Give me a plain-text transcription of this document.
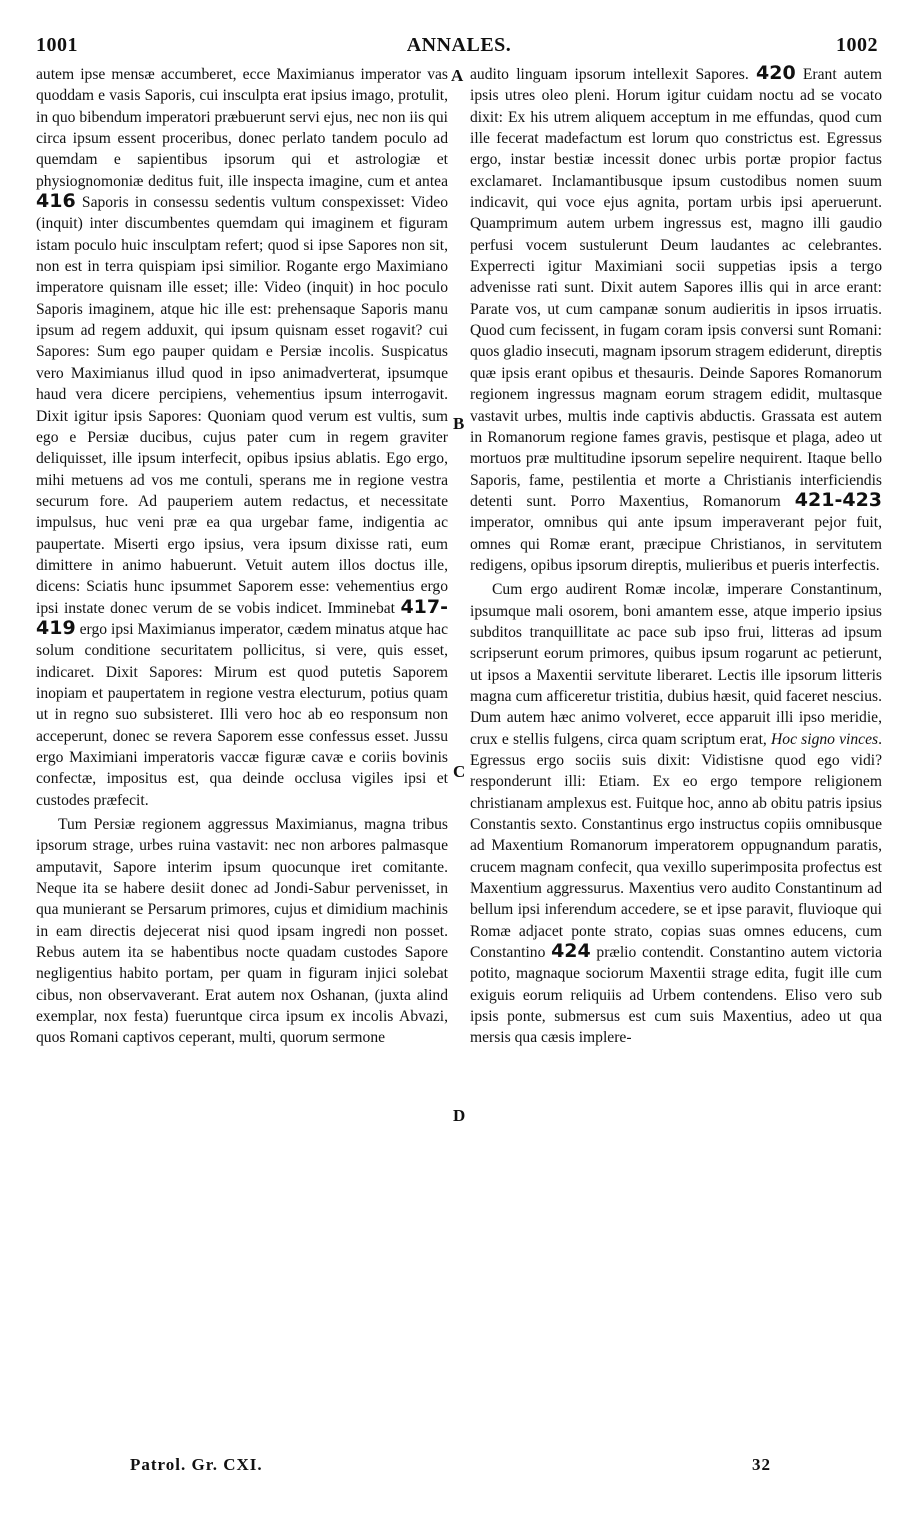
1001	ANNALES.	1002
A
B
C
D

autem ipse mensæ accumberet, ecce Maximianus imperator vas quoddam e vasis Saporis, cui insculpta erat ipsius imago, protulit, in quo bibendum imperatori præbuerunt servi ejus, nec non iis qui circa ipsum essent proceribus, donec perlato tandem poculo ad quemdam e sapientibus ipsorum qui et astrologiæ et physiognomoniæ deditus fuit, ille inspecta imagine, cum et antea 416 Saporis in consessu sedentis vultum conspexisset: Video (inquit) inter discumbentes quemdam qui imaginem et figuram istam poculo huic insculptam refert; quod si ipse Sapores non sit, non est in terra quispiam ipsi similior. Rogante ergo Maximiano imperatore quisnam ille esset; ille: Video (inquit) in hoc poculo Saporis imaginem, atque hic ille est: prehensaque Saporis manu ipsum ad regem adduxit, qui ipsum quisnam esset rogavit? cui Sapores: Sum ego pauper quidam e Persiæ incolis. Suspicatus vero Maximianus illud quod in ipso animadverterat, ipsumque haud vera dicere percipiens, vehementius ipsum interrogavit. Dixit igitur ipsis Sapores: Quoniam quod verum est vultis, sum ego e Persiæ ducibus, cujus pater cum in regem graviter deliquisset, ille ipsum interfecit, opibus ipsius ablatis. Ego ergo, mihi metuens ad vos me contuli, sperans me in regione vestra securum fore. Ad pauperiem autem redactus, et necessitate impulsus, huc veni præ ea qua urgebar fame, indigentia ac paupertate. Miserti ergo ipsius, vera ipsum dixisse rati, eum dimittere in animo habuerunt. Vetuit autem illos doctus ille, dicens: Sciatis hunc ipsummet Saporem esse: vehementius ergo ipsi instate donec verum de se vobis indicet. Imminebat 417-419 ergo ipsi Maximianus imperator, cædem minatus atque hac solum conditione securitatem pollicitus, si vere, quis esset, indicaret. Dixit Sapores: Mirum est quod putetis Saporem inopiam et paupertatem in regione vestra electurum, potius quam ut in regno suo subsisteret. Illi vero hoc ab eo responsum non acceperunt, donec se revera Saporem esse confessus esset. Jussu ergo Maximiani imperatoris vaccæ figuræ cavæ e coriis bovinis confectæ, impositus est, qua deinde occlusa vigiles ipsi et custodes præfecit.

Tum Persiæ regionem aggressus Maximianus, magna tribus ipsorum strage, urbes ruina vastavit: nec non arbores palmasque amputavit, Sapore interim ipsum quocunque iret comitante. Neque ita se habere desiit donec ad Jondi-Sabur pervenisset, in qua munierant se Persarum primores, cujus et dimidium machinis in eam directis dejecerat nisi quod ipsam ingredi non posset. Rebus autem ita se habentibus nocte quadam custodes Sapore negligentius habito portam, per quam in figuram injici solebat cibus, non observaverant. Erat autem nox Oshanan, (juxta alind exemplar, nox festa) fueruntque circa ipsum ex incolis Abvazi, quos Romani captivos ceperant, multi, quorum sermone

audito linguam ipsorum intellexit Sapores. 420 Erant autem ipsis utres oleo pleni. Horum igitur cuidam noctu ad se vocato dixit: Ex his utrem aliquem acceptum in me effundas, quod cum ille fecerat madefactum est lorum quo constrictus est. Egressus ergo, instar bestiæ incessit donec urbis portæ propior factus exclamaret. Inclamantibusque ipsum custodibus nomen suum indicavit, qui voce ejus agnita, portam urbis ipsi aperuerunt. Quamprimum autem urbem ingressus est, magno illi gaudio perfusi vocem sustulerunt Deum laudantes ac celebrantes. Experrecti igitur Maximiani socii suppetias ipsis a tergo advenisse rati sunt. Dixit autem Sapores illis qui in arce erant: Parate vos, ut cum campanæ sonum audieritis in ipsos irruatis. Quod cum fecissent, in fugam coram ipsis conversi sunt Romani: quos gladio insecuti, magnam ipsorum stragem ediderunt, direptis quæ ipsis erant opibus et thesauris. Deinde Sapores Romanorum regionem ingressus magnam eorum stragem edidit, multasque vastavit urbes, multis inde captivis abductis. Grassata est autem in Romanorum regione fames gravis, pestisque et plaga, adeo ut mortuos præ multitudine ipsorum sepelire nequirent. Itaque bello Saporis, fame, pestilentia et morte a Christianis interficiendis detenti sunt. Porro Maxentius, Romanorum 421-423 imperator, omnibus qui ante ipsum imperaverant pejor fuit, omnes qui Romæ erant, præcipue Christianos, in servitutem redigens, opibus ipsorum direptis, mulieribus et pueris interfectis.

Cum ergo audirent Romæ incolæ, imperare Constantinum, ipsumque mali osorem, boni amantem esse, atque imperio ipsius subditos tranquillitate ac pace sub ipso frui, litteras ad ipsum scripserunt eorum primores, quibus ipsum rogarunt ac petierunt, ut ipsos a Maxentii servitute liberaret. Lectis ille ipsorum litteris magna cum afficeretur tristitia, dubius hæsit, quid faceret nescius. Dum autem hæc animo volveret, ecce apparuit illi ipso meridie, crux e stellis fulgens, circa quam scriptum erat, Hoc signo vinces. Egressus ergo sociis suis dixit: Vidistisne quod ego vidi? responderunt illi: Etiam. Ex eo ergo tempore religionem christianam amplexus est. Fuitque hoc, anno ab obitu patris ipsius Constantis sexto. Constantinus ergo instructus copiis omnibusque ad Maxentium Romanorum imperatorem oppugnandum paratis, crucem magnam confecit, qua vexillo superimposita profectus est Maxentium aggressurus. Maxentius vero audito Constantinum ad bellum ipsi inferendum accedere, se et ipse paravit, fluvioque qui Romæ adjacet ponte strato, copias suas omnes educens, cum Constantino 424 prælio contendit. Constantino autem victoria potito, magnaque sociorum Maxentii strage edita, fugit ille cum exiguis eorum reliquiis ad Urbem contendens. Eliso vero sub ipsis ponte, submersus est cum suis Maxentius, adeo ut qua mersis qua cæsis implere-

Patrol. Gr. CXI.	32
